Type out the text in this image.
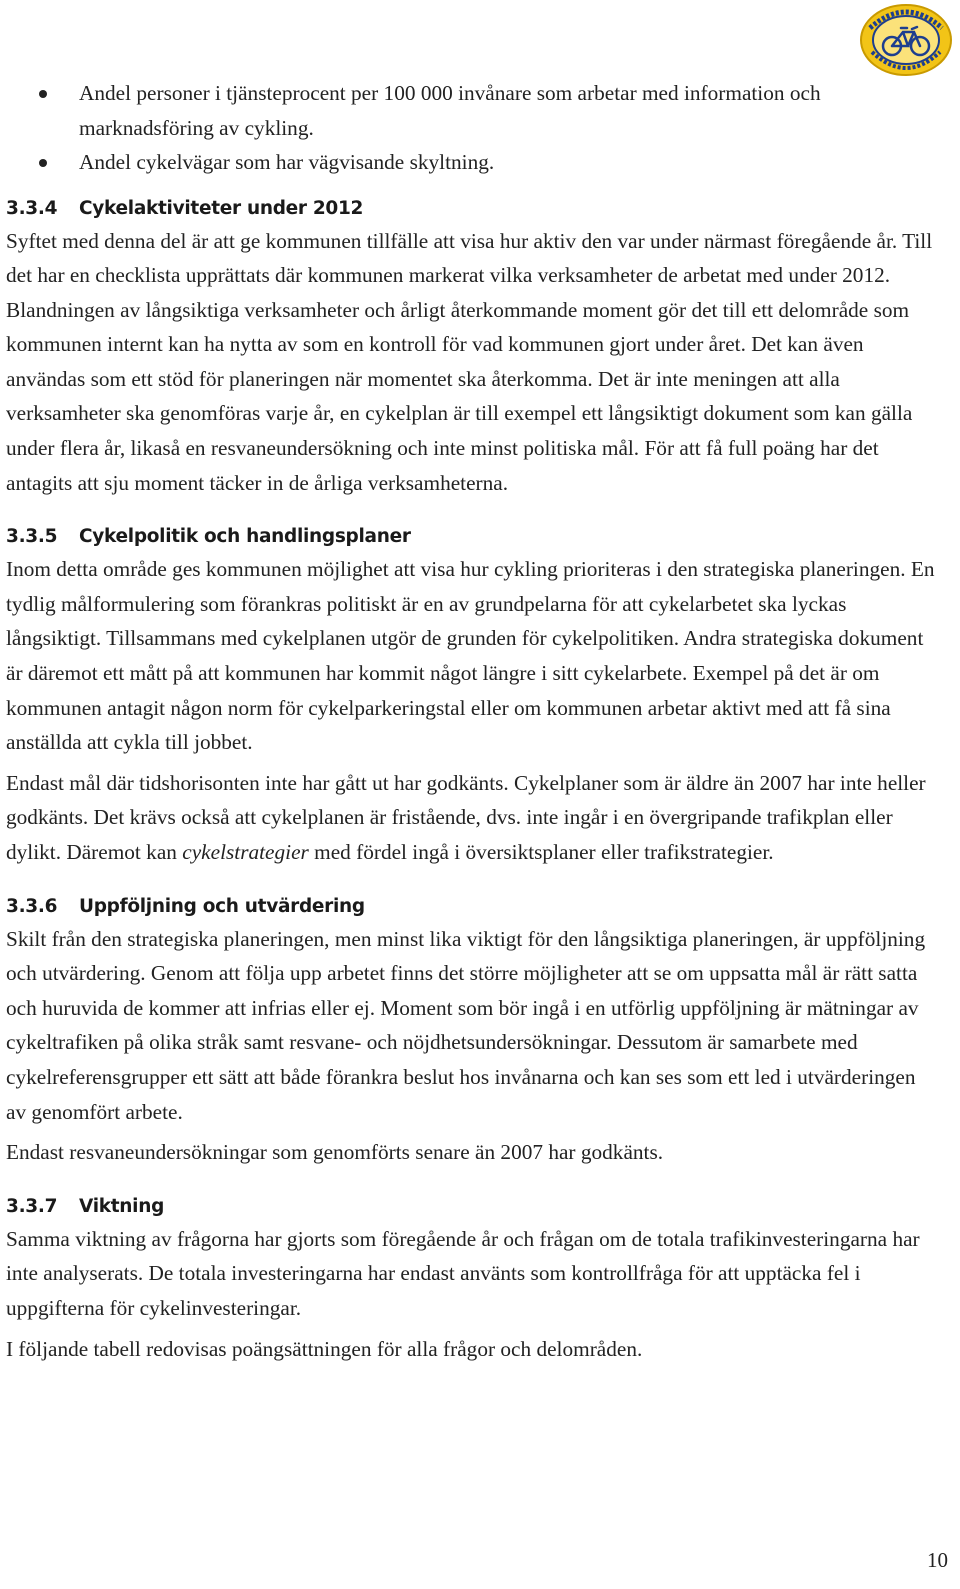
Andel personer i tjänsteprocent per 100 000 invånare som arbetar med information och marknadsföring av cykling.
Andel cykelvägar som har vägvisande skyltning.
3.3.4 Cykelaktiviteter under 2012

Syftet med denna del är att ge kommunen tillfälle att visa hur aktiv den var under närmast föregående år. Till det har en checklista upprättats där kommunen markerat vilka verksamheter de arbetat med under 2012. Blandningen av långsiktiga verksamheter och årligt återkommande moment gör det till ett delområde som kommunen internt kan ha nytta av som en kontroll för vad kommunen gjort under året. Det kan även användas som ett stöd för planeringen när momentet ska återkomma. Det är inte meningen att alla verksamheter ska genomföras varje år, en cykelplan är till exempel ett långsiktigt dokument som kan gälla under flera år, likaså en resvaneundersökning och inte minst politiska mål. För att få full poäng har det antagits att sju moment täcker in de årliga verksamheterna.

3.3.5 Cykelpolitik och handlingsplaner

Inom detta område ges kommunen möjlighet att visa hur cykling prioriteras i den strategiska planeringen. En tydlig målformulering som förankras politiskt är en av grundpelarna för att cykelarbetet ska lyckas långsiktigt. Tillsammans med cykelplanen utgör de grunden för cykelpolitiken. Andra strategiska dokument är däremot ett mått på att kommunen har kommit något längre i sitt cykelarbete. Exempel på det är om kommunen antagit någon norm för cykelparkeringstal eller om kommunen arbetar aktivt med att få sina anställda att cykla till jobbet.

Endast mål där tidshorisonten inte har gått ut har godkänts. Cykelplaner som är äldre än 2007 har inte heller godkänts. Det krävs också att cykelplanen är fristående, dvs. inte ingår i en övergripande trafikplan eller dylikt. Däremot kan cykelstrategier med fördel ingå i översiktsplaner eller trafikstrategier.

3.3.6 Uppföljning och utvärdering

Skilt från den strategiska planeringen, men minst lika viktigt för den långsiktiga planeringen, är uppföljning och utvärdering. Genom att följa upp arbetet finns det större möjligheter att se om uppsatta mål är rätt satta och huruvida de kommer att infrias eller ej. Moment som bör ingå i en utförlig uppföljning är mätningar av cykeltrafiken på olika stråk samt resvane- och nöjdhetsundersökningar. Dessutom är samarbete med cykelreferensgrupper ett sätt att både förankra beslut hos invånarna och kan ses som ett led i utvärderingen av genomfört arbete.

Endast resvaneundersökningar som genomförts senare än 2007 har godkänts.

3.3.7 Viktning

Samma viktning av frågorna har gjorts som föregående år och frågan om de totala trafikinvesteringarna har inte analyserats. De totala investeringarna har endast använts som kontrollfråga för att upptäcka fel i uppgifterna för cykelinvesteringar.

I följande tabell redovisas poängsättningen för alla frågor och delområden.

10
